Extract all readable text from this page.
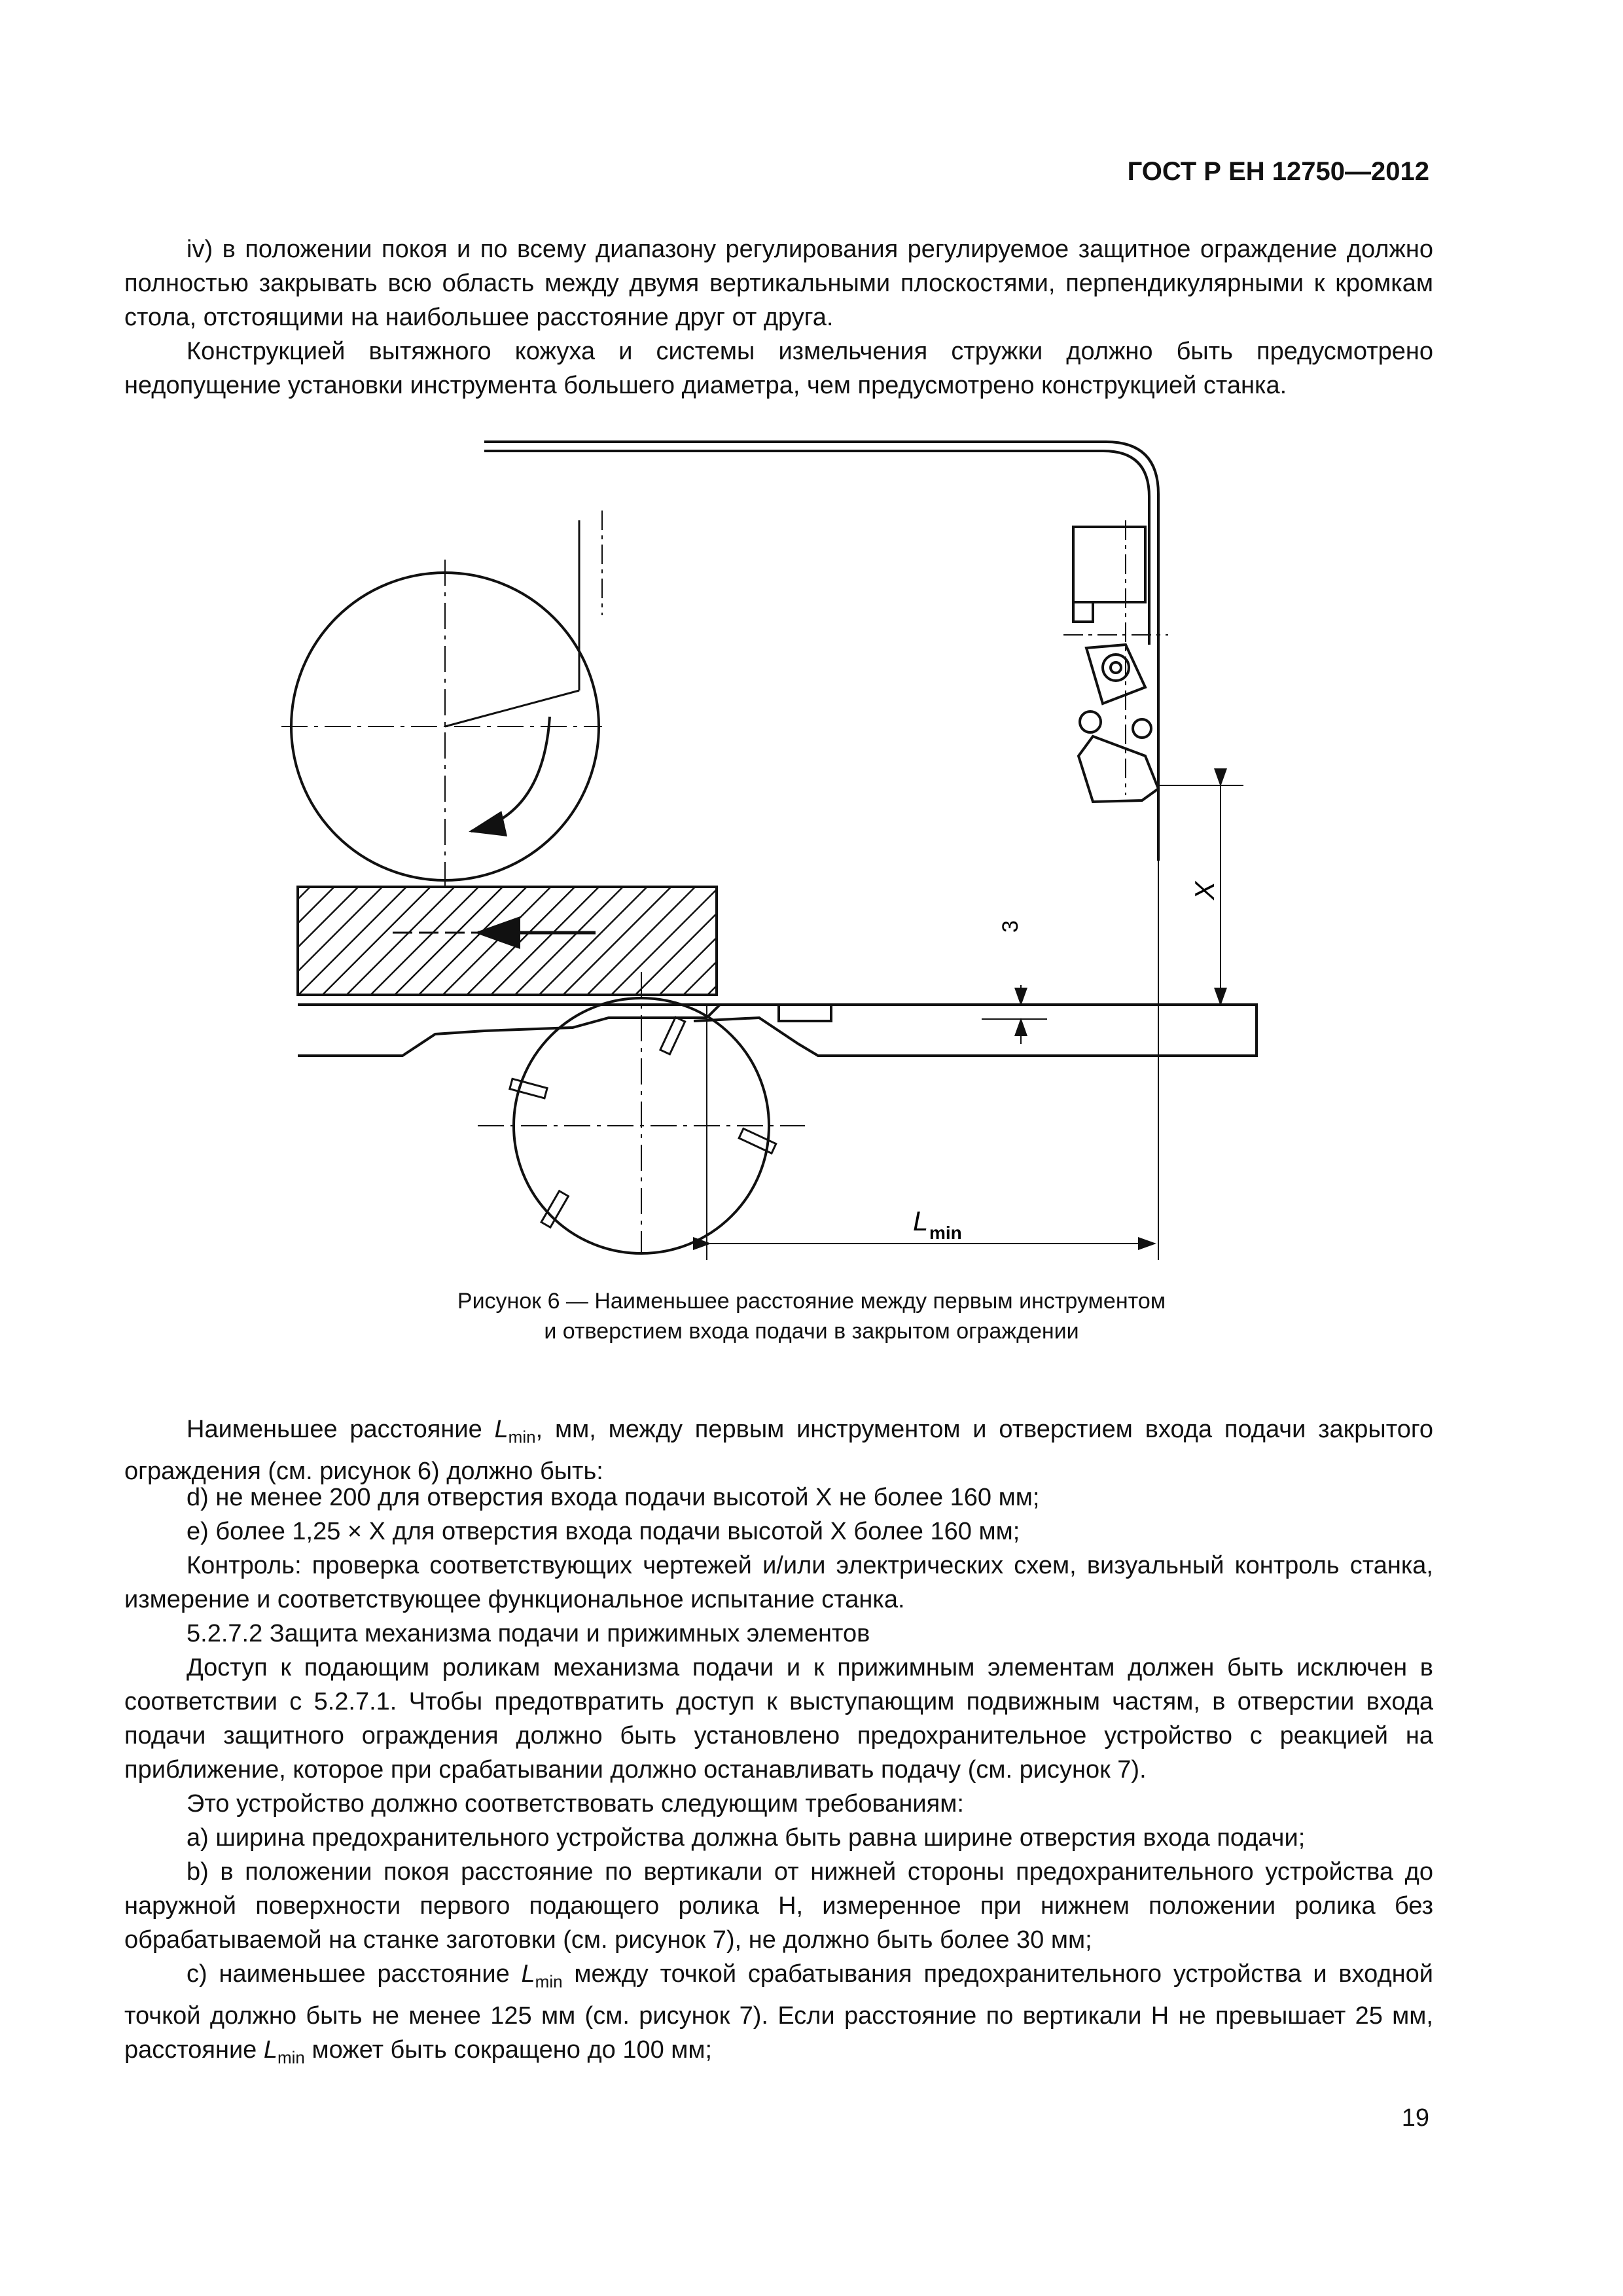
ГОСТ Р ЕН 12750—2012

iv) в положении покоя и по всему диапазону регулирования регулируемое защитное ограждение должно полностью закрывать всю область между двумя вертикальными плоскостями, перпендикулярными к кромкам стола, отстоящими на наибольшее расстояние друг от друга.

Конструкцией вытяжного кожуха и системы измельчения стружки должно быть предусмотрено недопущение установки инструмента большего диаметра, чем предусмотрено конструкцией станка.

X
3
L min
Рисунок 6 — Наименьшее расстояние между первым инструментом
и отверстием входа подачи в закрытом ограждении

Наименьшее расстояние $L_{min}$, мм, между первым инструментом и отверстием входа подачи закрытого ограждения (см. рисунок 6) должно быть:

d) не менее 200 для отверстия входа подачи высотой X не более 160 мм;

e) более 1,25 × X для отверстия входа подачи высотой X более 160 мм;

Контроль: проверка соответствующих чертежей и/или электрических схем, визуальный контроль станка, измерение и соответствующее функциональное испытание станка.

5.2.7.2 Защита механизма подачи и прижимных элементов

Доступ к подающим роликам механизма подачи и к прижимным элементам должен быть исключен в соответствии с 5.2.7.1. Чтобы предотвратить доступ к выступающим подвижным частям, в отверстии входа подачи защитного ограждения должно быть установлено предохранительное устройство с реакцией на приближение, которое при срабатывании должно останавливать подачу (см. рисунок 7).

Это устройство должно соответствовать следующим требованиям:

a) ширина предохранительного устройства должна быть равна ширине отверстия входа подачи;

b) в положении покоя расстояние по вертикали от нижней стороны предохранительного устройства до наружной поверхности первого подающего ролика H, измеренное при нижнем положении ролика без обрабатываемой на станке заготовки (см. рисунок 7), не должно быть более 30 мм;

c) наименьшее расстояние $L_{min}$ между точкой срабатывания предохранительного устройства и входной точкой должно быть не менее 125 мм (см. рисунок 7). Если расстояние по вертикали H не превышает 25 мм, расстояние $L_{min}$ может быть сокращено до 100 мм;

19
